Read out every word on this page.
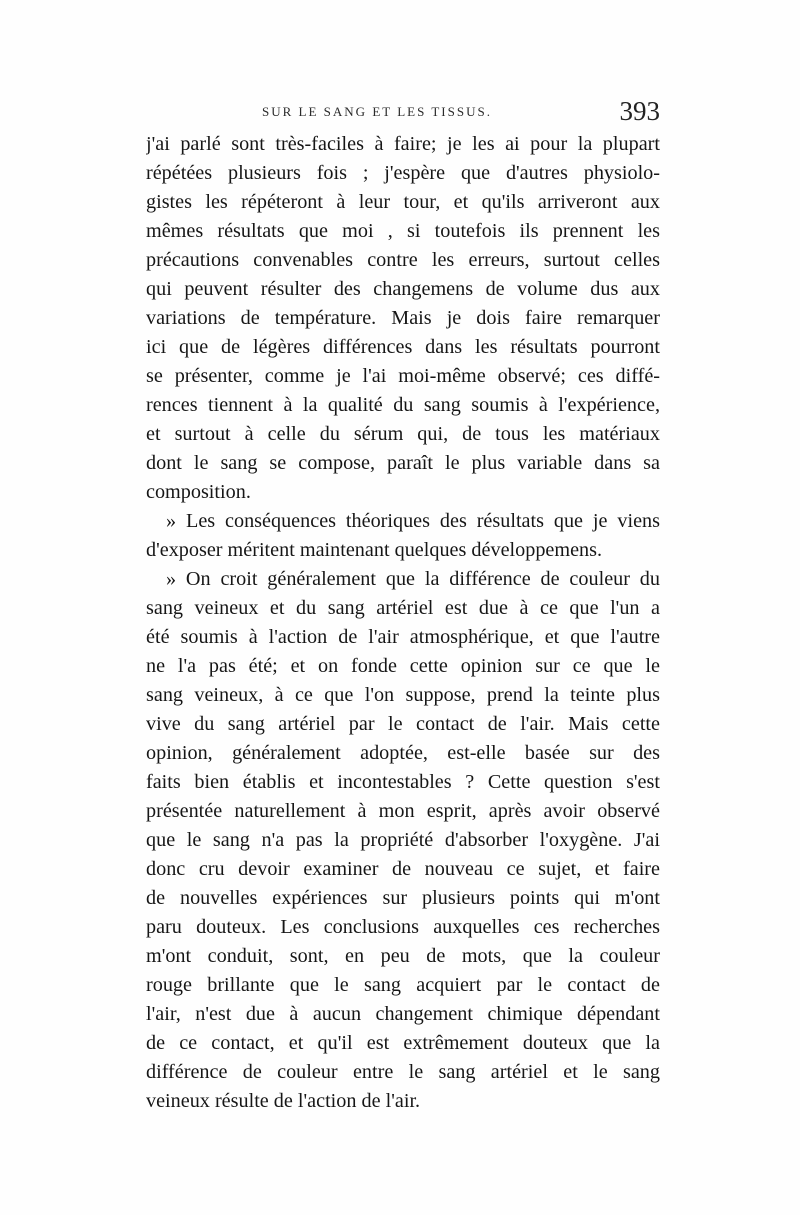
SUR LE SANG ET LES TISSUS.	393
j'ai parlé sont très-faciles à faire; je les ai pour la plupart
répétées plusieurs fois ; j'espère que d'autres physiolo-
gistes les répéteront à leur tour, et qu'ils arriveront aux
mêmes résultats que moi , si toutefois ils prennent les
précautions convenables contre les erreurs, surtout celles
qui peuvent résulter des changemens de volume dus aux
variations de température. Mais je dois faire remarquer
ici que de légères différences dans les résultats pourront
se présenter, comme je l'ai moi-même observé; ces diffé-
rences tiennent à la qualité du sang soumis à l'expérience,
et surtout à celle du sérum qui, de tous les matériaux
dont le sang se compose, paraît le plus variable dans sa
composition.
» Les conséquences théoriques des résultats que je viens
d'exposer méritent maintenant quelques développemens.
» On croit généralement que la différence de couleur du
sang veineux et du sang artériel est due à ce que l'un a
été soumis à l'action de l'air atmosphérique, et que l'autre
ne l'a pas été; et on fonde cette opinion sur ce que le
sang veineux, à ce que l'on suppose, prend la teinte plus
vive du sang artériel par le contact de l'air. Mais cette
opinion, généralement adoptée, est-elle basée sur des
faits bien établis et incontestables ? Cette question s'est
présentée naturellement à mon esprit, après avoir observé
que le sang n'a pas la propriété d'absorber l'oxygène. J'ai
donc cru devoir examiner de nouveau ce sujet, et faire
de nouvelles expériences sur plusieurs points qui m'ont
paru douteux. Les conclusions auxquelles ces recherches
m'ont conduit, sont, en peu de mots, que la couleur
rouge brillante que le sang acquiert par le contact de
l'air, n'est due à aucun changement chimique dépendant
de ce contact, et qu'il est extrêmement douteux que la
différence de couleur entre le sang artériel et le sang
veineux résulte de l'action de l'air.
